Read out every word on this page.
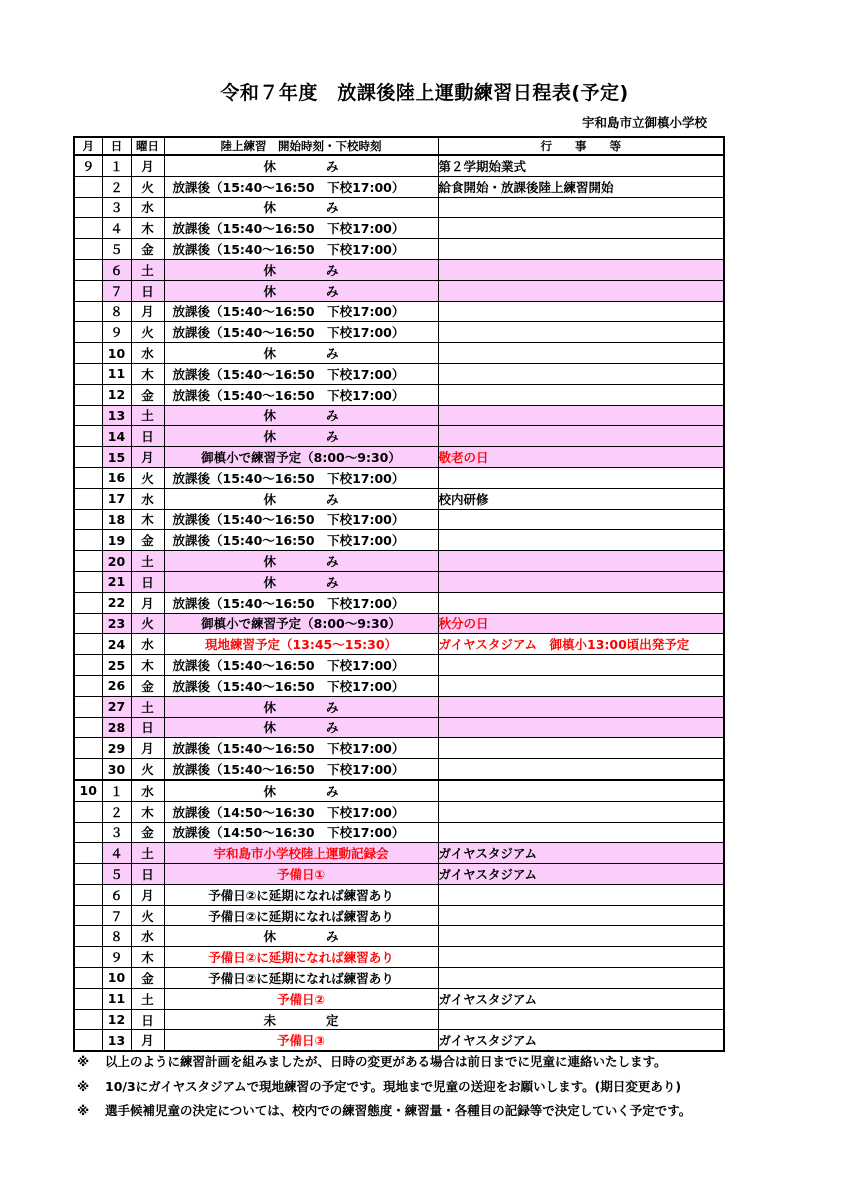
令和７年度　放課後陸上運動練習日程表(予定)
宇和島市立御槙小学校
月	日	曜日	陸上練習　開始時刻・下校時刻	行　　事　　等
９	１	月	休　　　　み	第２学期始業式
	２	火	放課後（15:40〜16:50　下校17:00）	給食開始・放課後陸上練習開始
	３	水	休　　　　み	
	４	木	放課後（15:40〜16:50　下校17:00）	
	５	金	放課後（15:40〜16:50　下校17:00）	
	６	土	休　　　　み	
	７	日	休　　　　み	
	８	月	放課後（15:40〜16:50　下校17:00）	
	９	火	放課後（15:40〜16:50　下校17:00）	
	10	水	休　　　　み	
	11	木	放課後（15:40〜16:50　下校17:00）	
	12	金	放課後（15:40〜16:50　下校17:00）	
	13	土	休　　　　み	
	14	日	休　　　　み	
	15	月	御槙小で練習予定（8:00〜9:30）	敬老の日
	16	火	放課後（15:40〜16:50　下校17:00）	
	17	水	休　　　　み	校内研修
	18	木	放課後（15:40〜16:50　下校17:00）	
	19	金	放課後（15:40〜16:50　下校17:00）	
	20	土	休　　　　み	
	21	日	休　　　　み	
	22	月	放課後（15:40〜16:50　下校17:00）	
	23	火	御槙小で練習予定（8:00〜9:30）	秋分の日
	24	水	現地練習予定（13:45〜15:30）	ガイヤスタジアム　御槙小13:00頃出発予定
	25	木	放課後（15:40〜16:50　下校17:00）	
	26	金	放課後（15:40〜16:50　下校17:00）	
	27	土	休　　　　み	
	28	日	休　　　　み	
	29	月	放課後（15:40〜16:50　下校17:00）	
	30	火	放課後（15:40〜16:50　下校17:00）	
10	１	水	休　　　　み	
	２	木	放課後（14:50〜16:30　下校17:00）	
	３	金	放課後（14:50〜16:30　下校17:00）	
	４	土	宇和島市小学校陸上運動記録会	ガイヤスタジアム
	５	日	予備日①	ガイヤスタジアム
	６	月	予備日②に延期になれば練習あり	
	７	火	予備日②に延期になれば練習あり	
	８	水	休　　　　み	
	９	木	予備日②に延期になれば練習あり	
	10	金	予備日②に延期になれば練習あり	
	11	土	予備日②	ガイヤスタジアム
	12	日	未　　　　定	
	13	月	予備日③	ガイヤスタジアム
※ 以上のように練習計画を組みましたが、日時の変更がある場合は前日までに児童に連絡いたします。
※ 10/3にガイヤスタジアムで現地練習の予定です。現地まで児童の送迎をお願いします。(期日変更あり)
※ 選手候補児童の決定については、校内での練習態度・練習量・各種目の記録等で決定していく予定です。
